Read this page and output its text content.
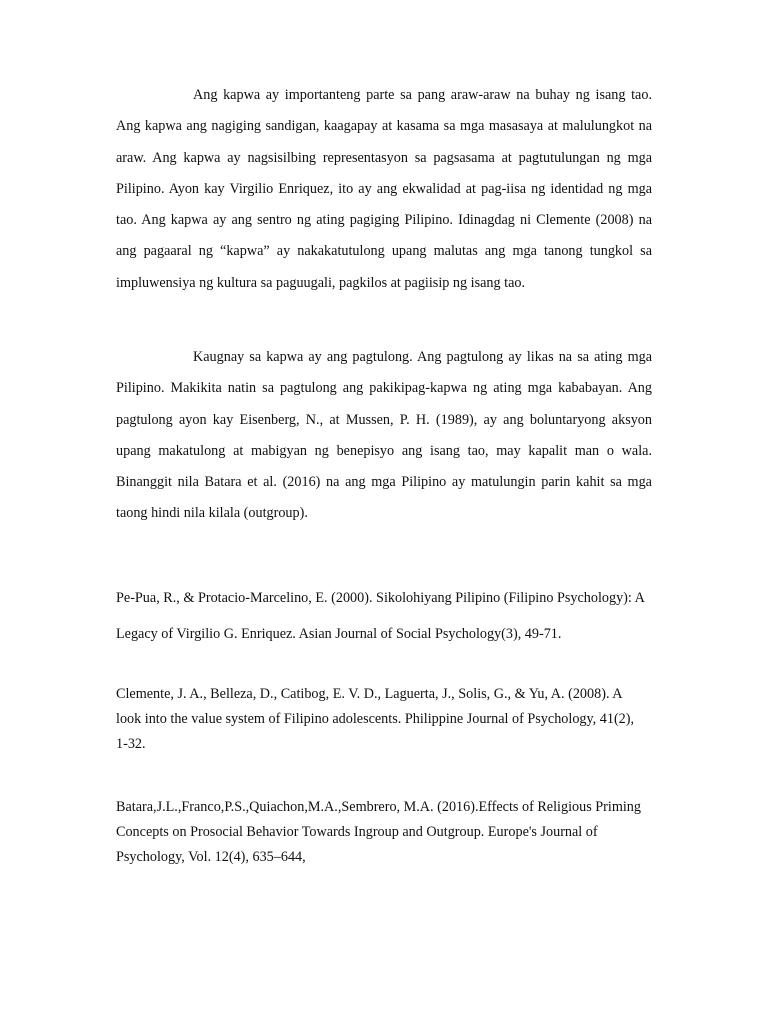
Ang kapwa ay importanteng parte sa pang araw-araw na buhay ng isang tao. Ang kapwa ang nagiging sandigan, kaagapay at kasama sa mga masasaya at malulungkot na araw. Ang kapwa ay nagsisilbing representasyon sa pagsasama at pagtutulungan ng mga Pilipino. Ayon kay Virgilio Enriquez, ito ay ang ekwalidad at pag-iisa ng identidad ng mga tao. Ang kapwa ay ang sentro ng ating pagiging Pilipino. Idinagdag ni Clemente (2008) na ang pagaaral ng “kapwa” ay nakakatutulong upang malutas ang mga tanong tungkol sa impluwensiya ng kultura sa paguugali, pagkilos at pagiisip ng isang tao.

Kaugnay sa kapwa ay ang pagtulong. Ang pagtulong ay likas na sa ating mga Pilipino. Makikita natin sa pagtulong ang pakikipag-kapwa ng ating mga kababayan. Ang pagtulong ayon kay Eisenberg, N., at Mussen, P. H. (1989), ay ang boluntaryong aksyon upang makatulong at mabigyan ng benepisyo ang isang tao, may kapalit man o wala. Binanggit nila Batara et al. (2016) na ang mga Pilipino ay matulungin parin kahit sa mga taong hindi nila kilala (outgroup).

Pe-Pua, R., & Protacio-Marcelino, E. (2000). Sikolohiyang Pilipino (Filipino Psychology): A
Legacy of Virgilio G. Enriquez. Asian Journal of Social Psychology(3), 49-71.

Clemente, J. A., Belleza, D., Catibog, E. V. D., Laguerta, J., Solis, G., & Yu, A. (2008). A
look into the value system of Filipino adolescents. Philippine Journal of Psychology, 41(2),
1-32.

Batara,J.L.,Franco,P.S.,Quiachon,M.A.,Sembrero, M.A. (2016).Effects of Religious Priming
Concepts on Prosocial Behavior Towards Ingroup and Outgroup. Europe's Journal of
Psychology, Vol. 12(4), 635–644,
